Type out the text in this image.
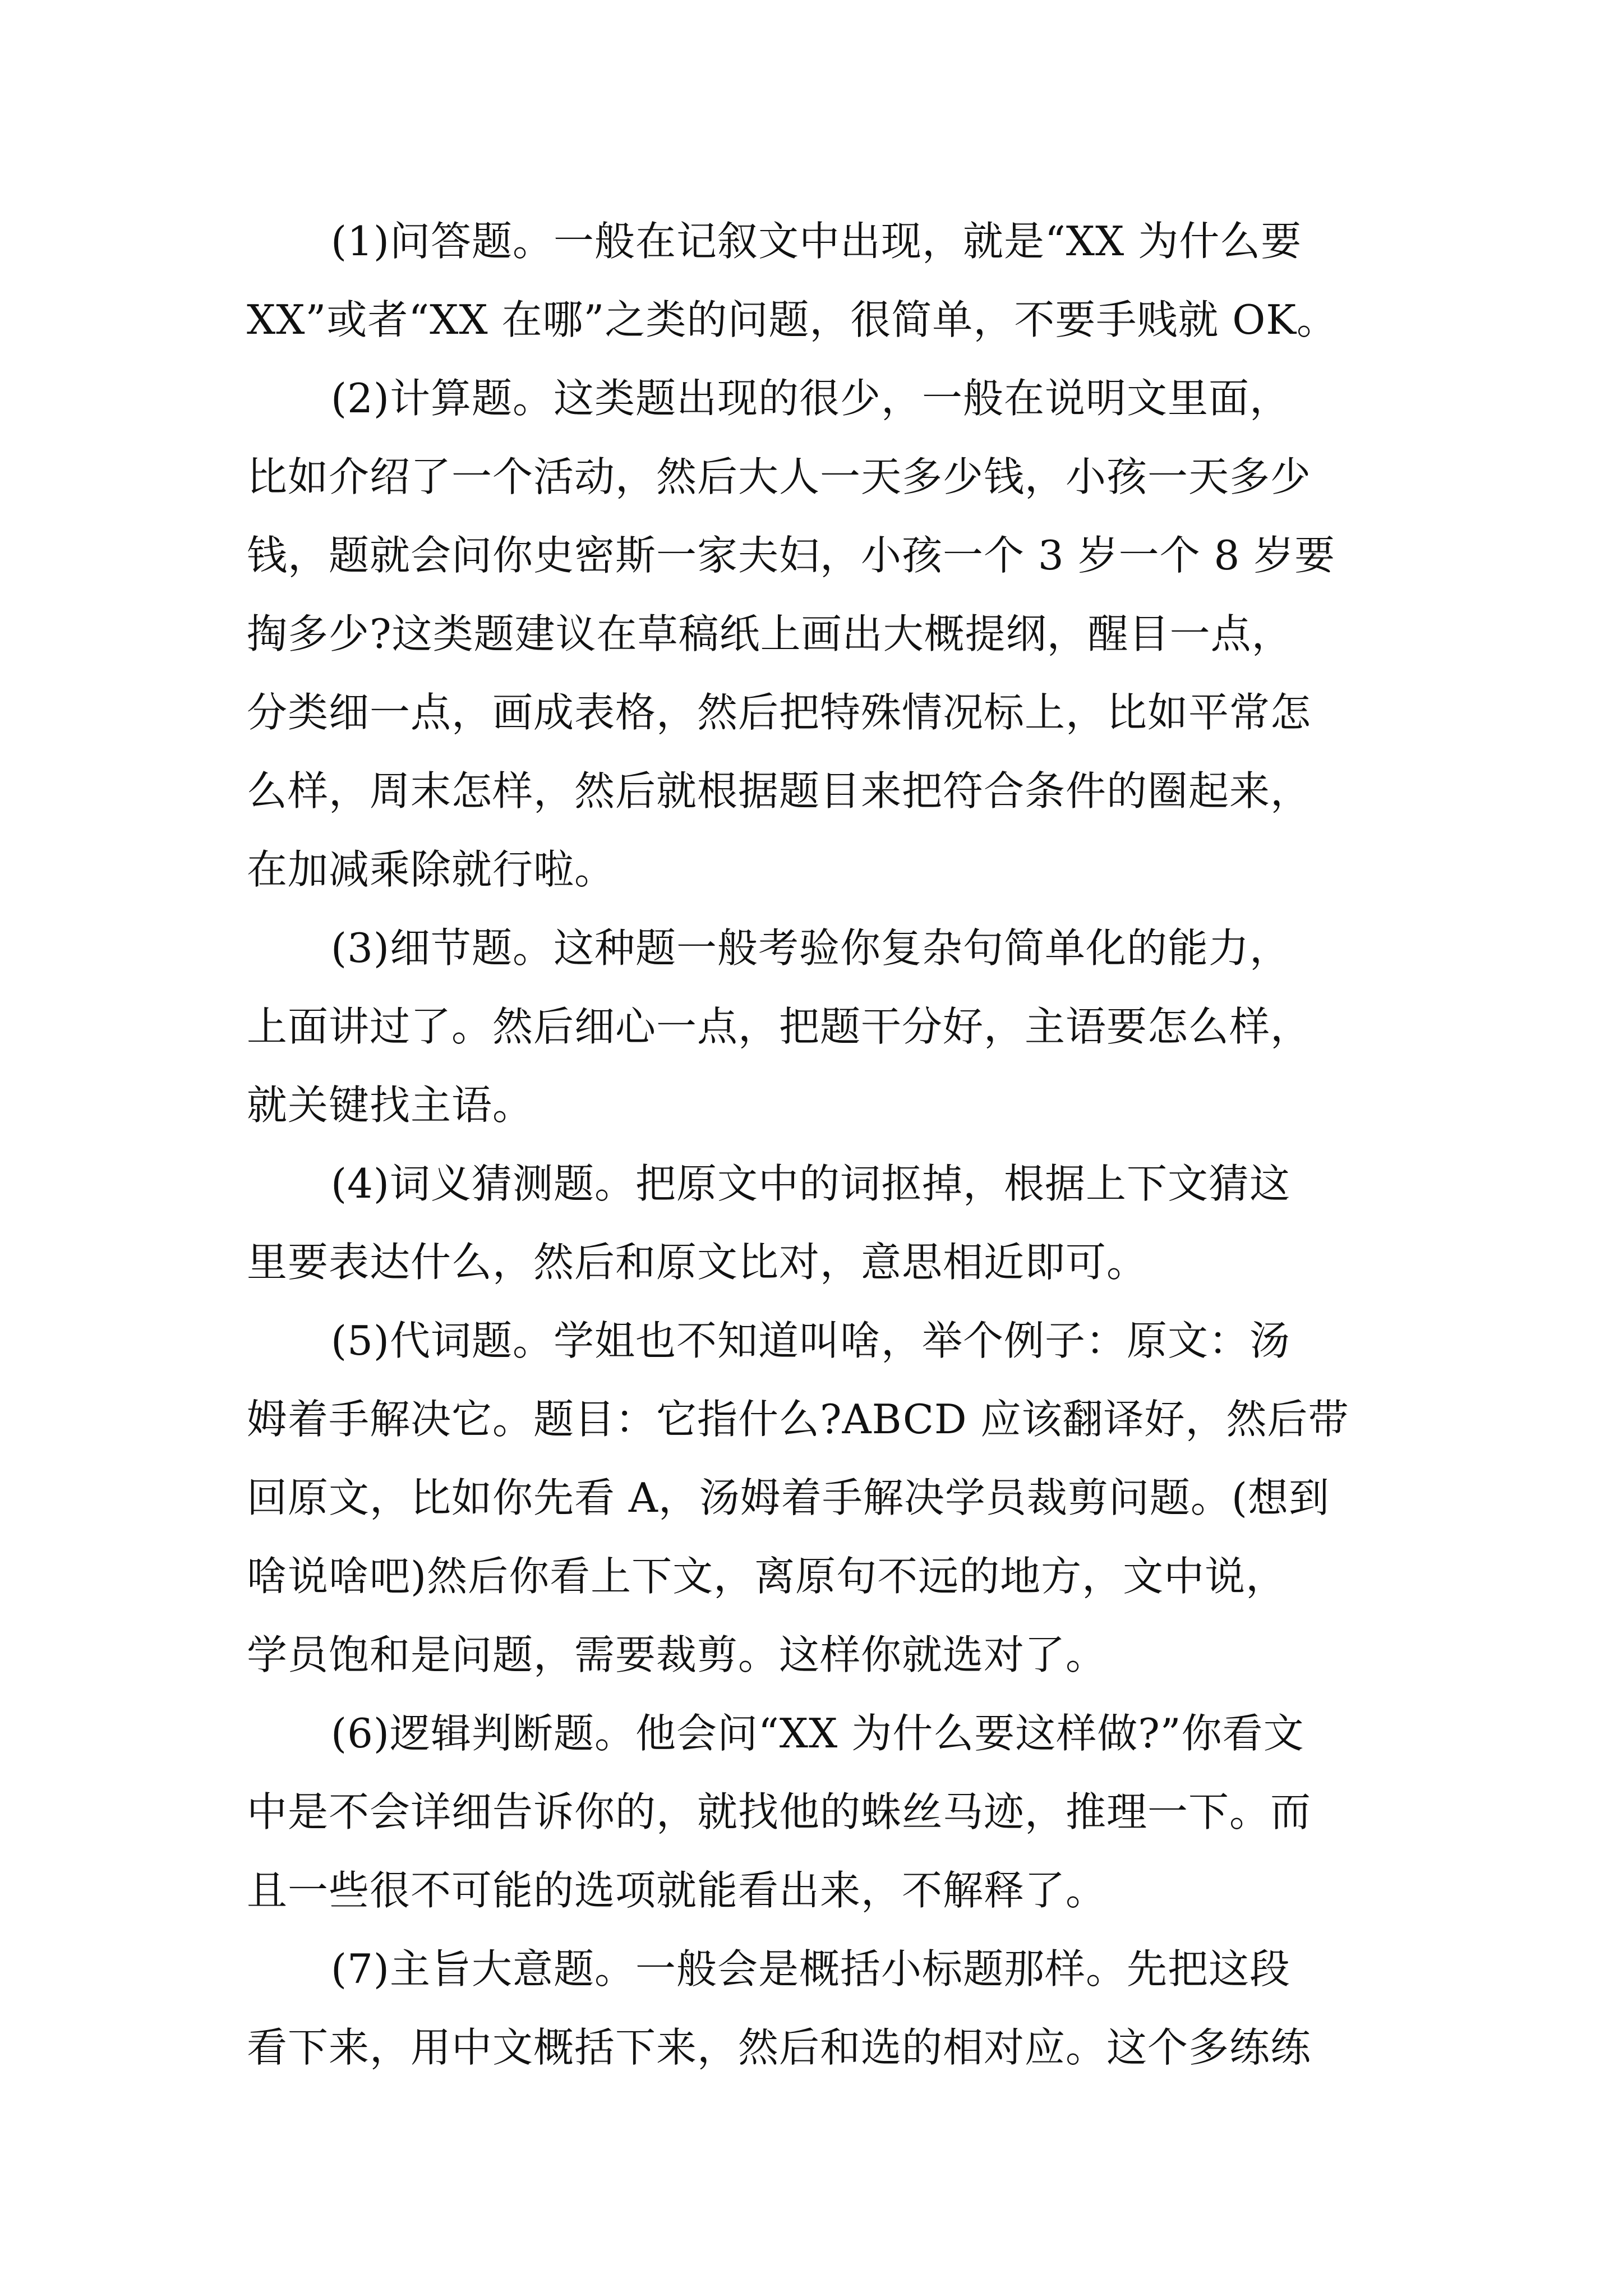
(1)问答题。一般在记叙文中出现，就是“XX 为什么要
XX”或者“XX 在哪”之类的问题，很简单，不要手贱就 OK。
(2)计算题。这类题出现的很少，一般在说明文里面，
比如介绍了一个活动，然后大人一天多少钱，小孩一天多少
钱，题就会问你史密斯一家夫妇，小孩一个 3 岁一个 8 岁要
掏多少?这类题建议在草稿纸上画出大概提纲，醒目一点，
分类细一点，画成表格，然后把特殊情况标上，比如平常怎
么样，周末怎样，然后就根据题目来把符合条件的圈起来，
在加减乘除就行啦。
(3)细节题。这种题一般考验你复杂句简单化的能力，
上面讲过了。然后细心一点，把题干分好，主语要怎么样，
就关键找主语。
(4)词义猜测题。把原文中的词抠掉，根据上下文猜这
里要表达什么，然后和原文比对，意思相近即可。
(5)代词题。学姐也不知道叫啥，举个例子：原文：汤
姆着手解决它。题目：它指什么?ABCD 应该翻译好，然后带
回原文，比如你先看 A，汤姆着手解决学员裁剪问题。(想到
啥说啥吧)然后你看上下文，离原句不远的地方，文中说，
学员饱和是问题，需要裁剪。这样你就选对了。
(6)逻辑判断题。他会问“XX 为什么要这样做?”你看文
中是不会详细告诉你的，就找他的蛛丝马迹，推理一下。而
且一些很不可能的选项就能看出来，不解释了。
(7)主旨大意题。一般会是概括小标题那样。先把这段
看下来，用中文概括下来，然后和选的相对应。这个多练练
